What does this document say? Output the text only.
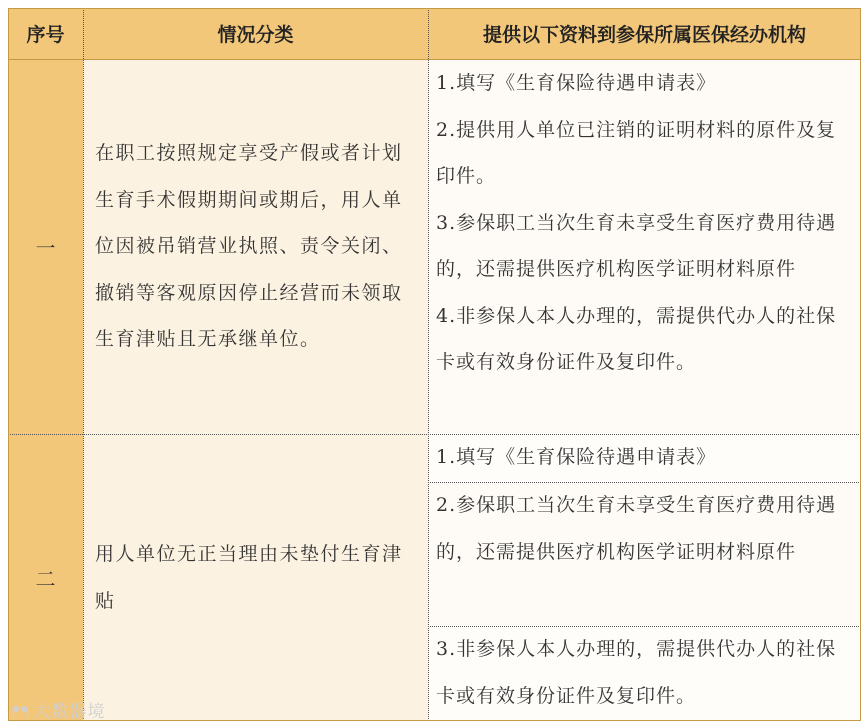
序号	情况分类	提供以下资料到参保所属医保经办机构
一
在职工按照规定享受产假或者计划生育手术假期期间或期后，用人单位因被吊销营业执照、责令关闭、撤销等客观原因停止经营而未领取生育津贴且无承继单位。
1.填写《生育保险待遇申请表》
2.提供用人单位已注销的证明材料的原件及复印件。
3.参保职工当次生育未享受生育医疗费用待遇的，还需提供医疗机构医学证明材料原件
4.非参保人本人办理的，需提供代办人的社保卡或有效身份证件及复印件。
二
用人单位无正当理由未垫付生育津贴
1.填写《生育保险待遇申请表》
2.参保职工当次生育未享受生育医疗费用待遇的，还需提供医疗机构医学证明材料原件
3.非参保人本人办理的，需提供代办人的社保卡或有效身份证件及复印件。
ᖰᖳ 大数器境
